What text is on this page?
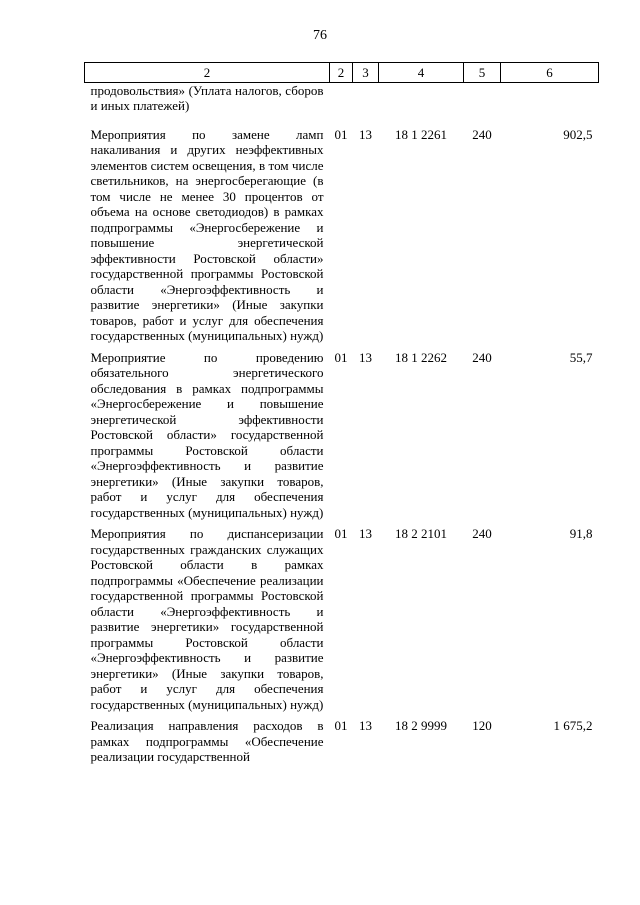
76
2	2	3	4	5	6
продовольствия» (Уплата налогов, сборов и иных платежей)					
Мероприятия по замене ламп накаливания и других неэффективных элементов систем освещения, в том числе светильников, на энергосберегающие (в том числе не менее 30 процентов от объема на основе светодиодов) в рамках подпрограммы «Энергосбережение и повышение энергетической эффективности Ростовской области» государственной программы Ростовской области «Энергоэффективность и развитие энергетики» (Иные закупки товаров, работ и услуг для обеспечения государственных (муниципальных) нужд)	01	13	18 1 2261	240	902,5
Мероприятие по проведению обязательного энергетического обследования в рамках подпрограммы «Энергосбережение и повышение энергетической эффективности Ростовской области» государственной программы Ростовской области «Энергоэффективность и развитие энергетики» (Иные закупки товаров, работ и услуг для обеспечения государственных (муниципальных) нужд)	01	13	18 1 2262	240	55,7
Мероприятия по диспансеризации государственных гражданских служащих Ростовской области в рамках подпрограммы «Обеспечение реализации государственной программы Ростовской области «Энергоэффективность и развитие энергетики» государственной программы Ростовской области «Энергоэффективность и развитие энергетики» (Иные закупки товаров, работ и услуг для обеспечения государственных (муниципальных) нужд)	01	13	18 2 2101	240	91,8
Реализация направления расходов в рамках подпрограммы «Обеспечение реализации государственной	01	13	18 2 9999	120	1 675,2
